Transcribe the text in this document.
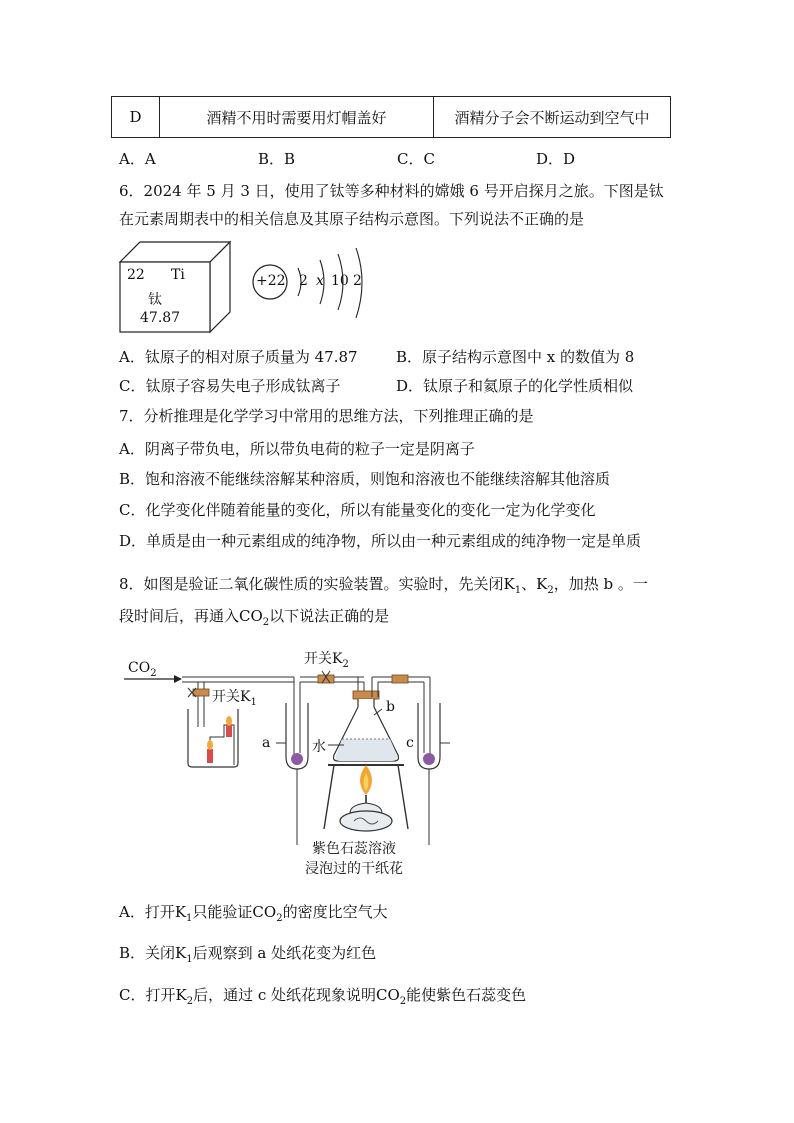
D	酒精不用时需要用灯帽盖好	酒精分子会不断运动到空气中
A．A	B．B	C．C	D．D
6．2024 年 5 月 3 日，使用了钛等多种材料的嫦娥 6 号开启探月之旅。下图是钛
在元素周期表中的相关信息及其原子结构示意图。下列说法不正确的是
22 Ti
钛
47.87
+22 2 x 10 2
A．钛原子的相对原子质量为 47.87	B．原子结构示意图中 x 的数值为 8
C．钛原子容易失电子形成钛离子	D．钛原子和氦原子的化学性质相似
7．分析推理是化学学习中常用的思维方法，下列推理正确的是
A．阴离子带负电，所以带负电荷的粒子一定是阴离子
B．饱和溶液不能继续溶解某种溶质，则饱和溶液也不能继续溶解其他溶质
C．化学变化伴随着能量的变化，所以有能量变化的变化一定为化学变化
D．单质是由一种元素组成的纯净物，所以由一种元素组成的纯净物一定是单质
8．如图是验证二氧化碳性质的实验装置。实验时，先关闭$K_1$、$K_2$，加热 b 。一
段时间后，再通入$CO_2$以下说法正确的是
$CO_2$
开关$K_2$
开关$K_1$
a
b
c
水
紫色石蕊溶液
浸泡过的干纸花
A．打开$K_1$只能验证$CO_2$的密度比空气大
B．关闭$K_1$后观察到 a 处纸花变为红色
C．打开$K_2$后，通过 c 处纸花现象说明$CO_2$能使紫色石蕊变色
